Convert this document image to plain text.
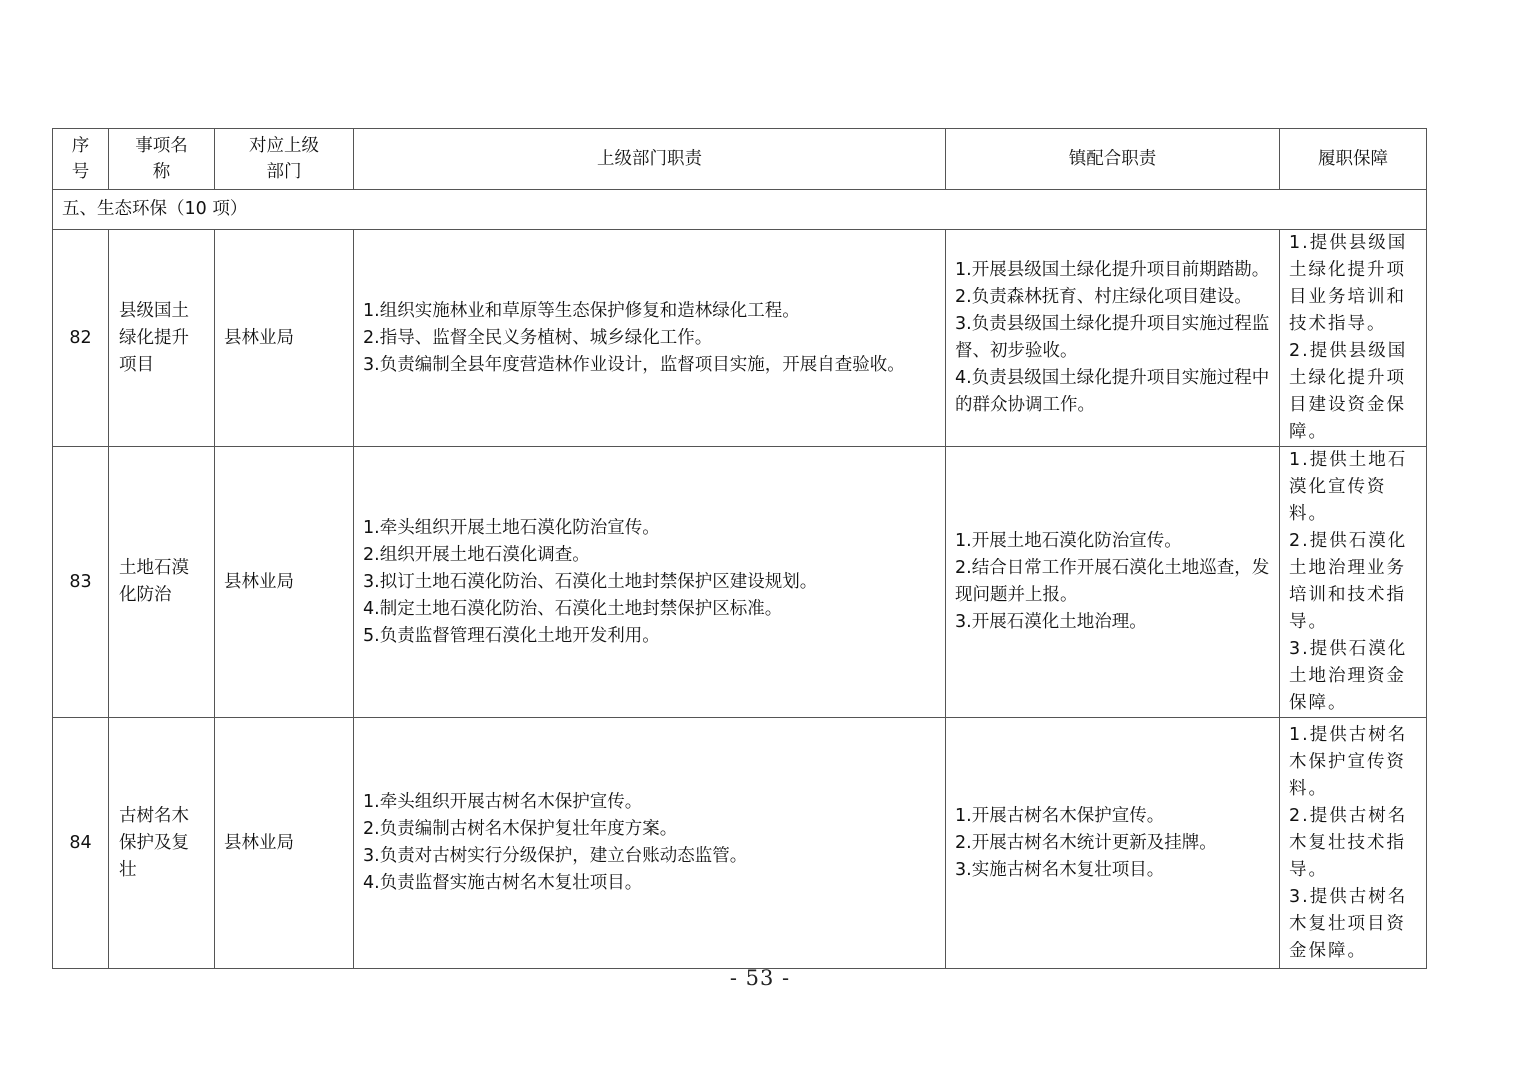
序号	事项名称	对应上级部门	上级部门职责	镇配合职责	履职保障
五、生态环保（10 项）					
82	县级国土绿化提升项目	县林业局	1.组织实施林业和草原等生态保护修复和造林绿化工程。
2.指导、监督全民义务植树、城乡绿化工作。
3.负责编制全县年度营造林作业设计，监督项目实施，开展自查验收。	1.开展县级国土绿化提升项目前期踏勘。
2.负责森林抚育、村庄绿化项目建设。
3.负责县级国土绿化提升项目实施过程监督、初步验收。
4.负责县级国土绿化提升项目实施过程中的群众协调工作。	1.提供县级国土绿化提升项目业务培训和技术指导。
2.提供县级国土绿化提升项目建设资金保障。

83	土地石漠化防治	县林业局	1.牵头组织开展土地石漠化防治宣传。
2.组织开展土地石漠化调查。
3.拟订土地石漠化防治、石漠化土地封禁保护区建设规划。
4.制定土地石漠化防治、石漠化土地封禁保护区标准。
5.负责监督管理石漠化土地开发利用。	1.开展土地石漠化防治宣传。
2.结合日常工作开展石漠化土地巡查，发现问题并上报。
3.开展石漠化土地治理。	1.提供土地石漠化宣传资料。
2.提供石漠化土地治理业务培训和技术指导。
3.提供石漠化土地治理资金保障。

84	古树名木保护及复壮	县林业局	1.牵头组织开展古树名木保护宣传。
2.负责编制古树名木保护复壮年度方案。
3.负责对古树实行分级保护，建立台账动态监管。
4.负责监督实施古树名木复壮项目。	1.开展古树名木保护宣传。
2.开展古树名木统计更新及挂牌。
3.实施古树名木复壮项目。	1.提供古树名木保护宣传资料。
2.提供古树名木复壮技术指导。
3.提供古树名木复壮项目资金保障。
- 53 -
